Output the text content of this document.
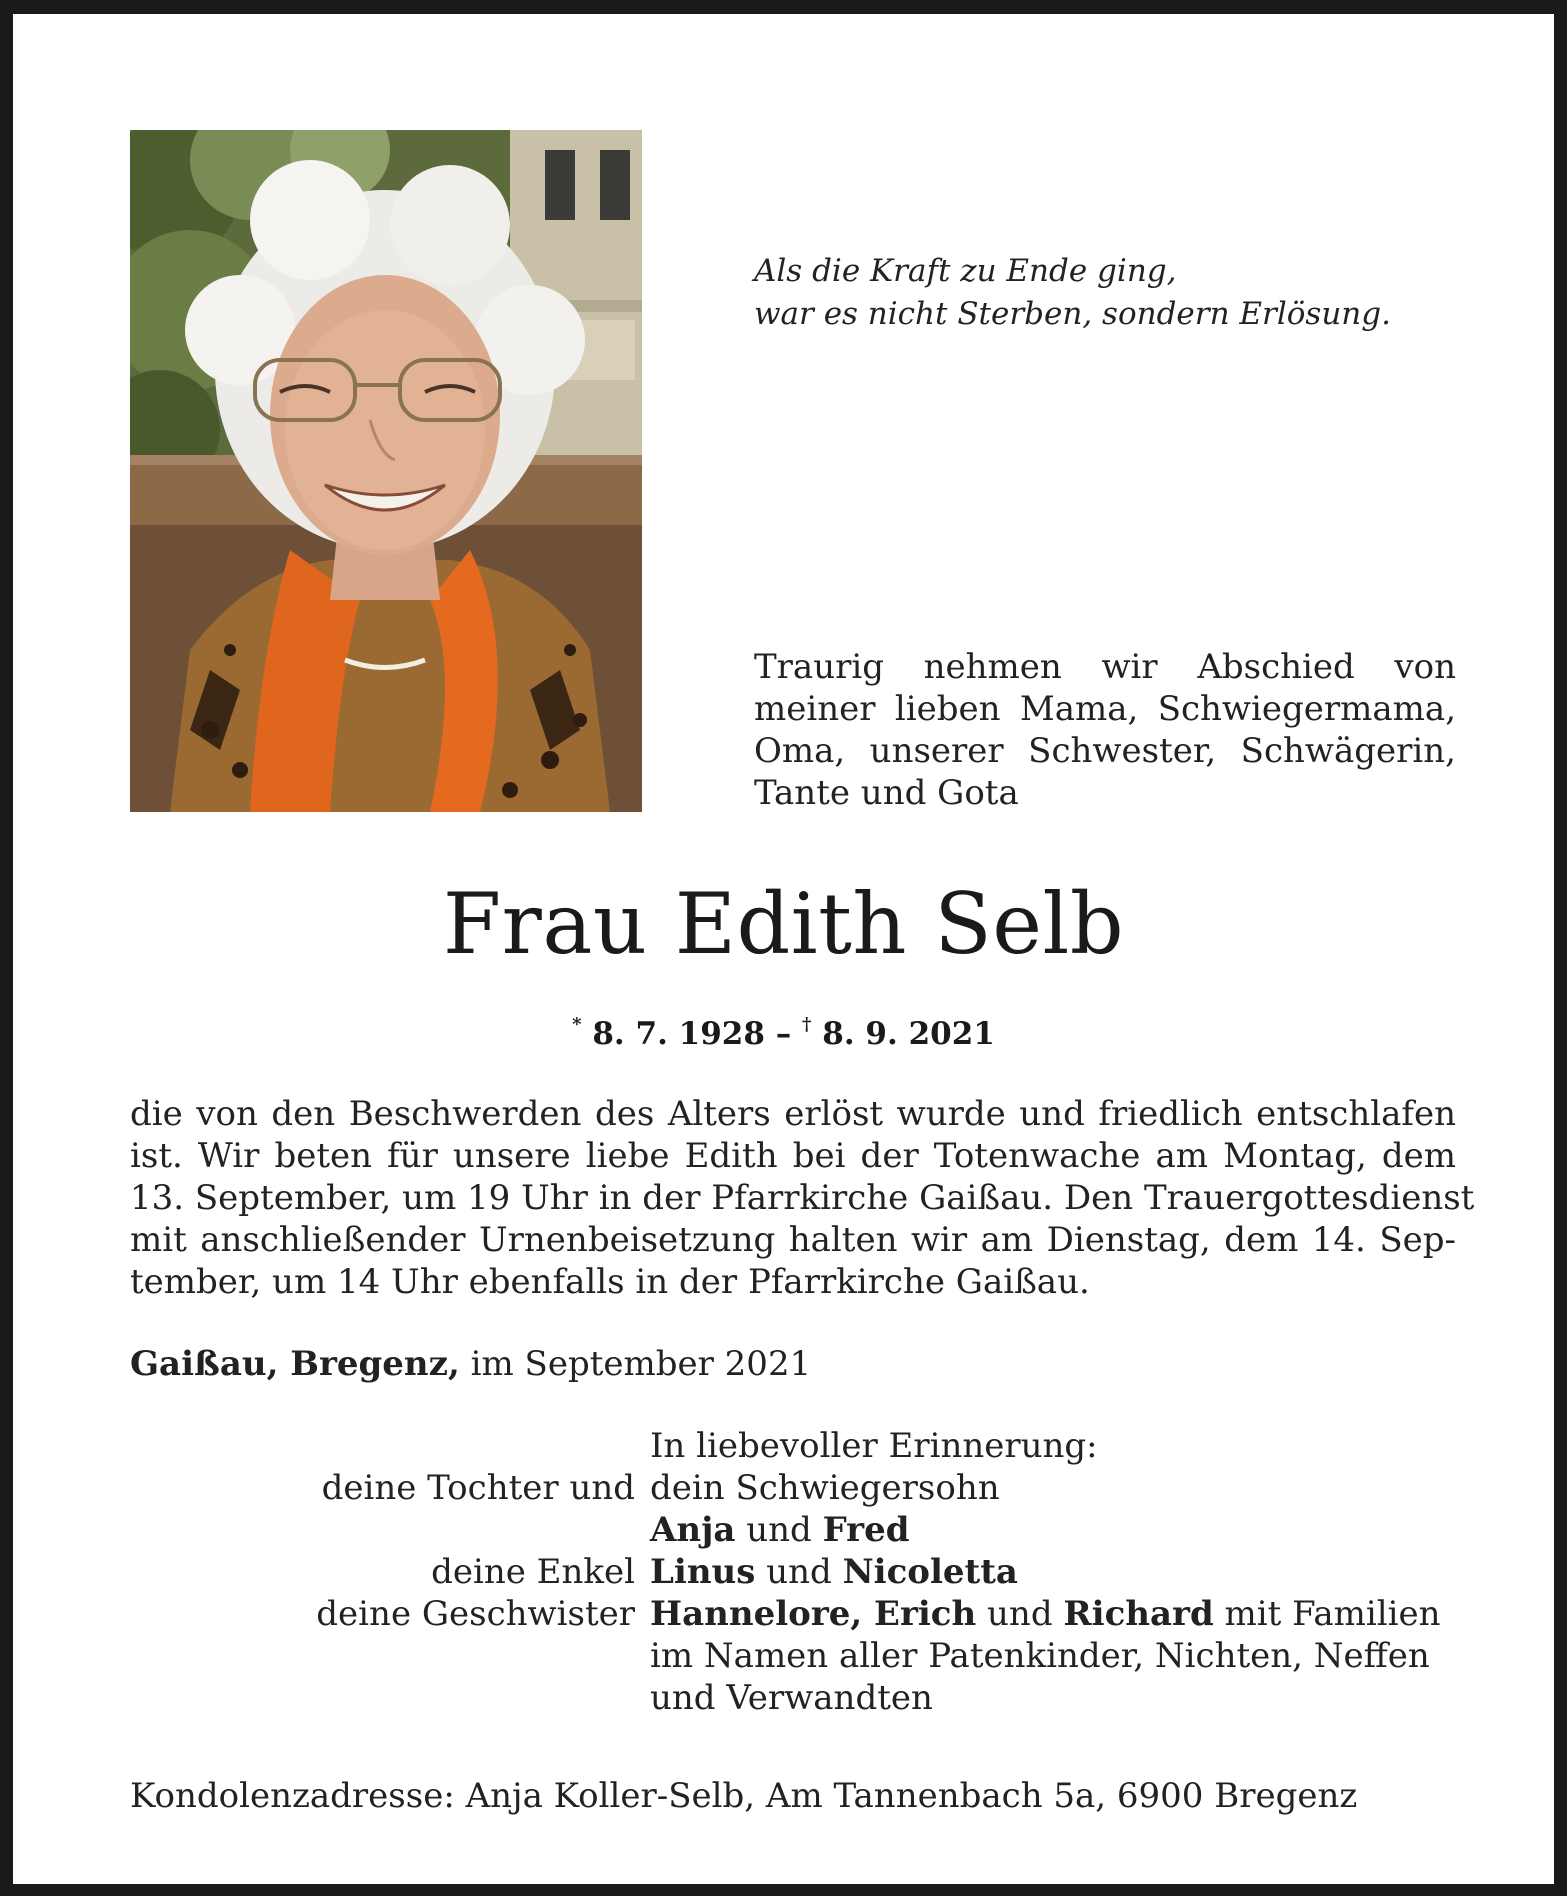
Als die Kraft zu Ende ging,
war es nicht Sterben, sondern Erlösung.

Traurig nehmen wir Abschied von
meiner lieben Mama, Schwiegermama,
Oma, unserer Schwester, Schwägerin,
Tante und Gota

Frau Edith Selb

* 8. 7. 1928 – † 8. 9. 2021

die von den Beschwerden des Alters erlöst wurde und friedlich entschlafen
ist. Wir beten für unsere liebe Edith bei der Totenwache am Montag, dem
13. September, um 19 Uhr in der Pfarrkirche Gaißau. Den Trauergottesdienst
mit anschließender Urnenbeisetzung halten wir am Dienstag, dem 14. Sep-
tember, um 14 Uhr ebenfalls in der Pfarrkirche Gaißau.

Gaißau, Bregenz, im September 2021

In liebevoller Erinnerung:
deine Tochter und dein Schwiegersohn
Anja und Fred
deine Enkel Linus und Nicoletta
deine Geschwister Hannelore, Erich und Richard mit Familien
im Namen aller Patenkinder, Nichten, Neffen
und Verwandten

Kondolenzadresse: Anja Koller-Selb, Am Tannenbach 5a, 6900 Bregenz
